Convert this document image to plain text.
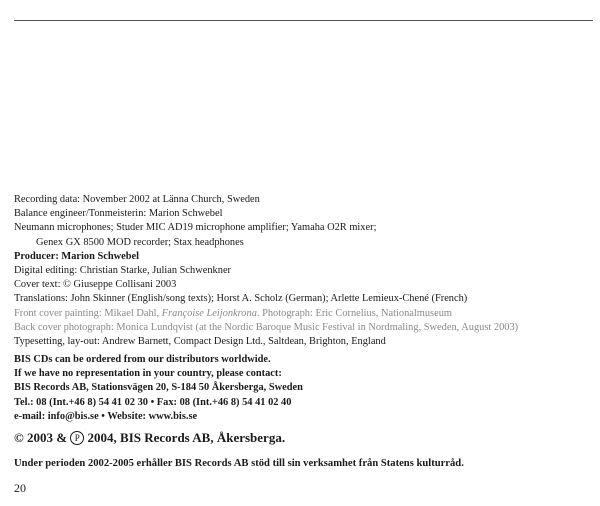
Recording data: November 2002 at Länna Church, Sweden
Balance engineer/Tonmeisterin: Marion Schwebel
Neumann microphones; Studer MIC AD19 microphone amplifier; Yamaha O2R mixer;
Genex GX 8500 MOD recorder; Stax headphones
Producer: Marion Schwebel
Digital editing: Christian Starke, Julian Schwenkner
Cover text: © Giuseppe Collisani 2003
Translations: John Skinner (English/song texts); Horst A. Scholz (German); Arlette Lemieux-Chené (French)
Front cover painting: Mikael Dahl, Françoise Leijonkrona. Photograph: Eric Cornelius, Nationalmuseum
Back cover photograph: Monica Lundqvist (at the Nordic Baroque Music Festival in Nordmaling, Sweden, August 2003)
Typesetting, lay-out: Andrew Barnett, Compact Design Ltd., Saltdean, Brighton, England
BIS CDs can be ordered from our distributors worldwide.
If we have no representation in your country, please contact:
BIS Records AB, Stationsvägen 20, S-184 50 Åkersberga, Sweden
Tel.: 08 (Int.+46 8) 54 41 02 30 • Fax: 08 (Int.+46 8) 54 41 02 40
e-mail: info@bis.se • Website: www.bis.se
© 2003 & P 2004, BIS Records AB, Åkersberga.
Under perioden 2002-2005 erhåller BIS Records AB stöd till sin verksamhet från Statens kulturråd.
20
